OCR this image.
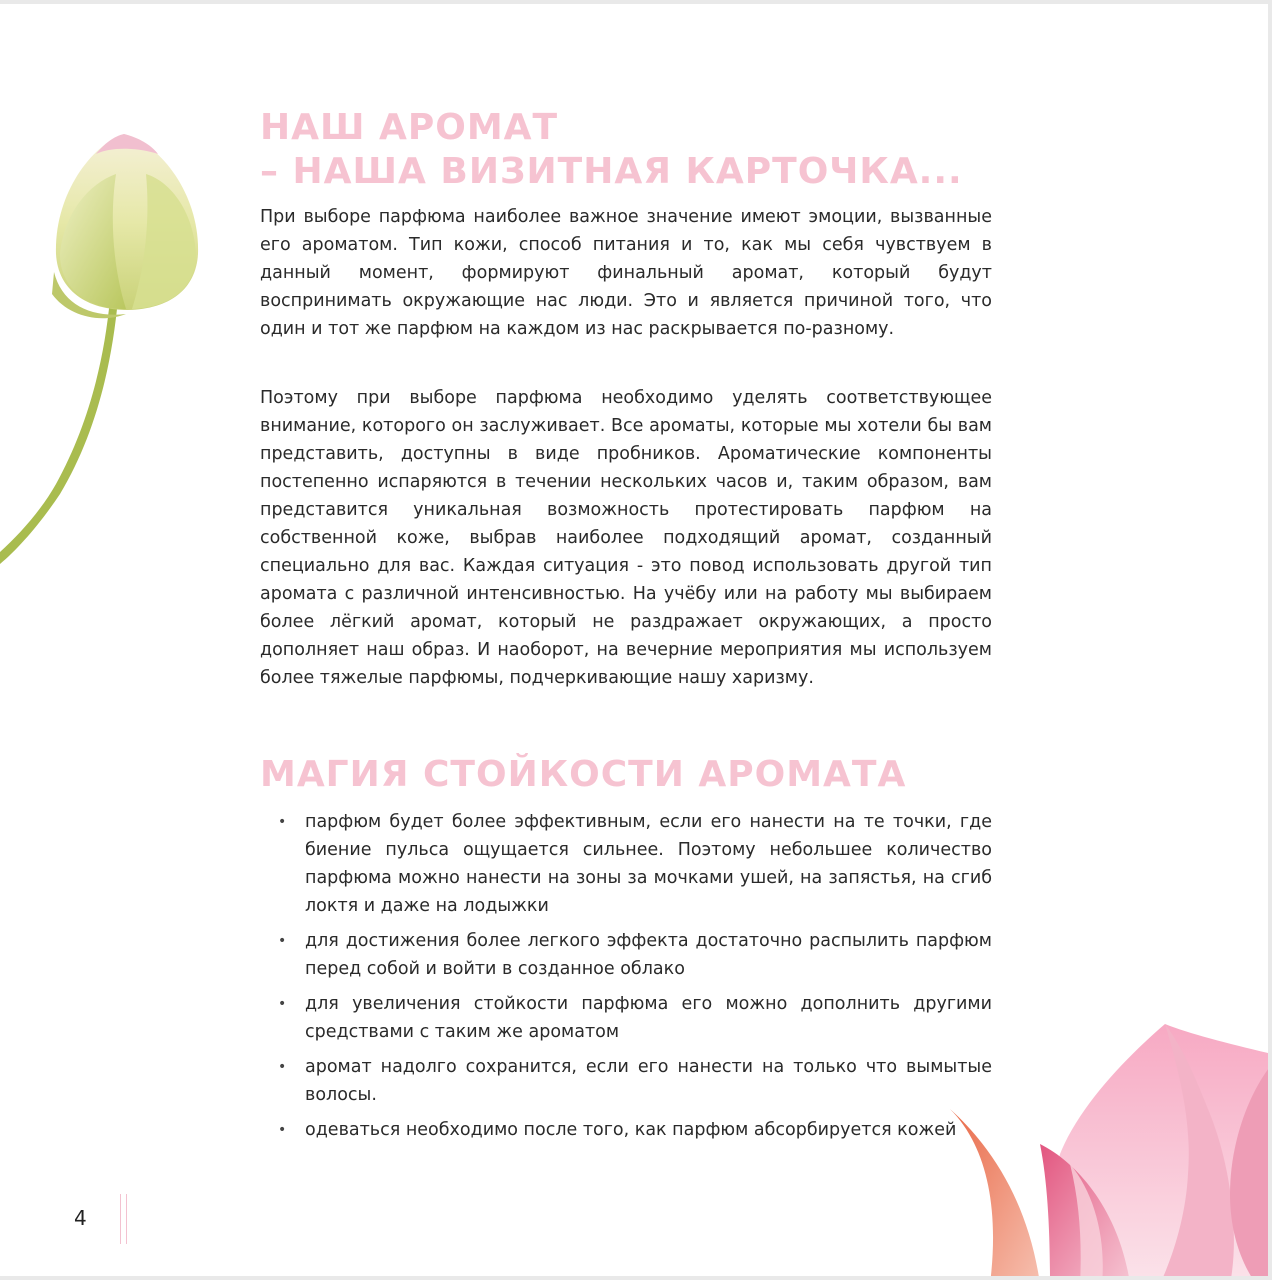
НАШ АРОМАТ
– НАША ВИЗИТНАЯ КАРТОЧКА...

При выборе парфюма наиболее важное значение имеют эмоции, вызванные его ароматом. Тип кожи, способ питания и то, как мы себя чувствуем в данный момент, формируют финальный аромат, который будут воспринимать окружающие нас люди. Это и является причиной того, что один и тот же парфюм на каждом из нас раскрывается по-разному.

Поэтому при выборе парфюма необходимо уделять соответствующее внимание, которого он заслуживает. Все ароматы, которые мы хотели бы вам представить, доступны в виде пробников. Ароматические компоненты постепенно испаряются в течении нескольких часов и, таким образом, вам представится уникальная возможность протестировать парфюм на собственной коже, выбрав наиболее подходящий аромат, созданный специально для вас. Каждая ситуация - это повод использовать другой тип аромата с различной интенсивностью. На учёбу или на работу мы выбираем более лёгкий аромат, который не раздражает окружающих, а просто дополняет наш образ. И наоборот, на вечерние мероприятия мы используем более тяжелые парфюмы, подчеркивающие нашу харизму.

МАГИЯ СТОЙКОСТИ АРОМАТА
• парфюм будет более эффективным, если его нанести на те точки, где биение пульса ощущается сильнее. Поэтому небольшее количество парфюма можно нанести на зоны за мочками ушей, на запястья, на сгиб локтя и даже на лодыжки
• для достижения более легкого эффекта достаточно распылить парфюм перед собой и войти в созданное облако
• для увеличения стойкости парфюма его можно дополнить другими средствами с таким же ароматом
• аромат надолго сохранится, если его нанести на только что вымытые волосы.
• одеваться необходимо после того, как парфюм абсорбируется кожей
4
